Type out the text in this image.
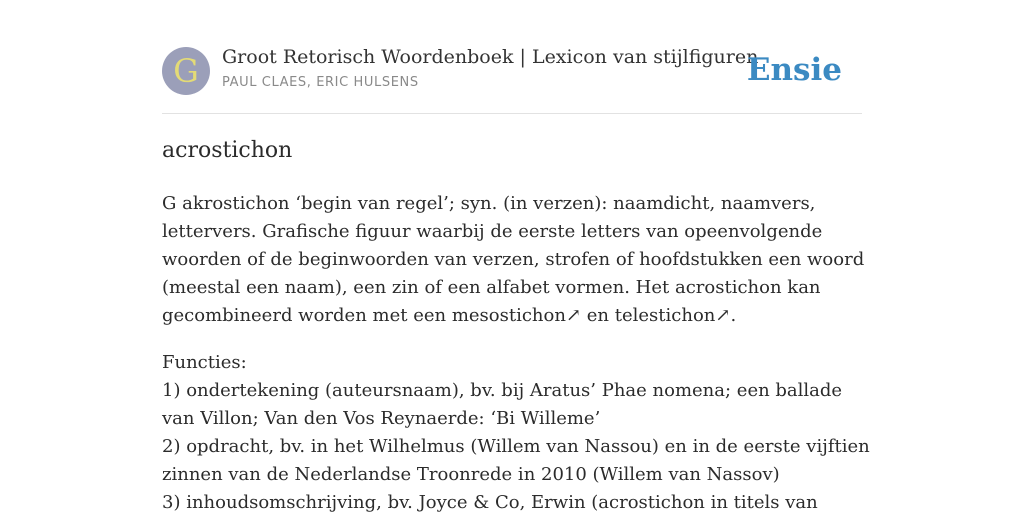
G	Groot Retorisch Woordenboek | Lexicon van stijlfiguren
PAUL CLAES, ERIC HULSENS	Ensie
acrostichon

G akrostichon ‘begin van regel’; syn. (in verzen): naamdicht, naamvers, lettervers. Grafische figuur waarbij de eerste letters van opeenvolgende woorden of de beginwoorden van verzen, strofen of hoofdstukken een woord (meestal een naam), een zin of een alfabet vormen. Het acrostichon kan gecombineerd worden met een mesostichon↗ en telestichon↗.

Functies:
1) ondertekening (auteursnaam), bv. bij Aratus’ Phae nomena; een ballade van Villon; Van den Vos Reynaerde: ‘Bi Willeme’
2) opdracht, bv. in het Wilhelmus (Willem van Nassou) en in de eerste vijftien zinnen van de Nederlandse Troonrede in 2010 (Willem van Nassov)
3) inhoudsomschrijving, bv. Joyce & Co, Erwin (acrostichon in titels van
